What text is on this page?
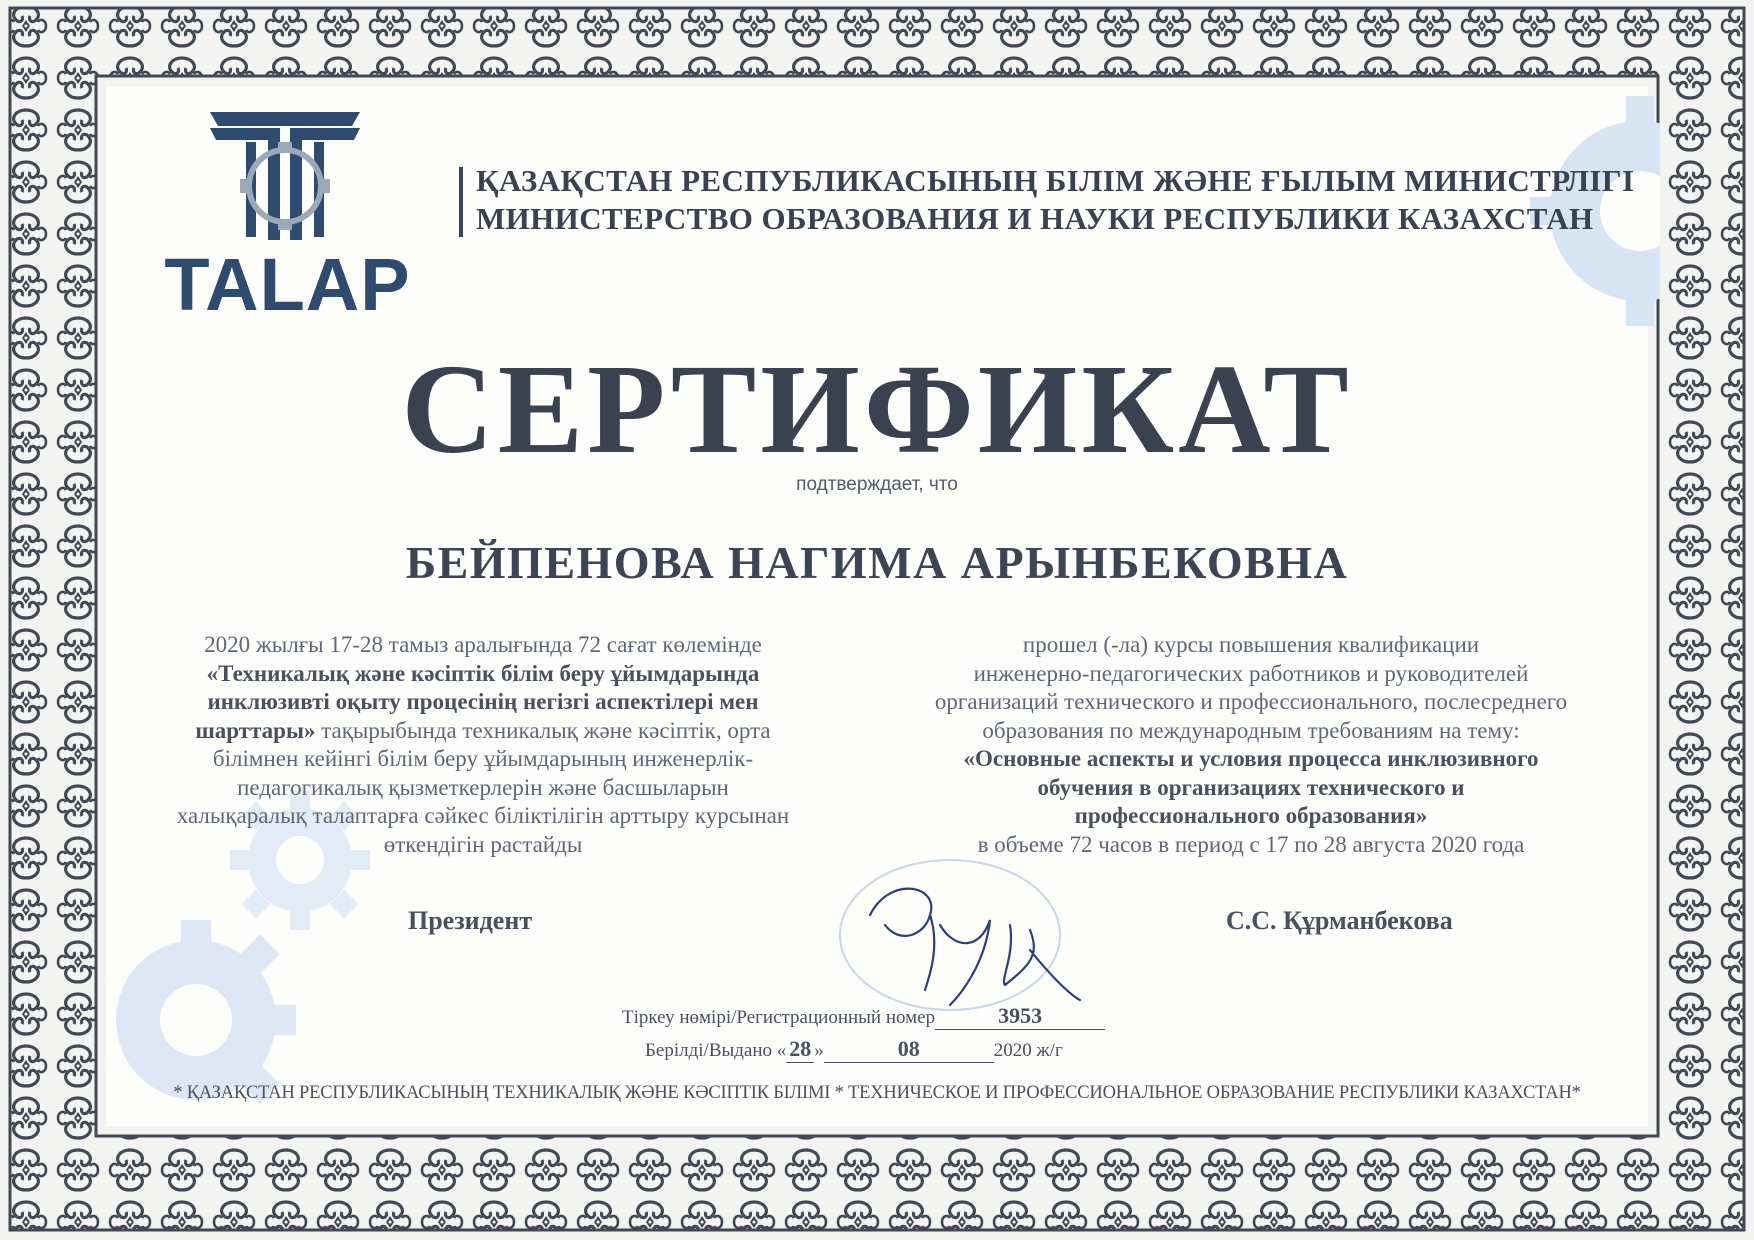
TALAP
ҚАЗАҚСТАН РЕСПУБЛИКАСЫНЫҢ БІЛІМ ЖӘНЕ ҒЫЛЫМ МИНИСТРЛІГІ
МИНИСТЕРСТВО ОБРАЗОВАНИЯ И НАУКИ РЕСПУБЛИКИ КАЗАХСТАН
СЕРТИФИКАТ
подтверждает, что
БЕЙПЕНОВА НАГИМА АРЫНБЕКОВНА
2020 жылғы 17-28 тамыз аралығында 72 сағат көлемінде
«Техникалық және кәсіптік білім беру ұйымдарында
инклюзивті оқыту процесінің негізгі аспектілері мен
шарттары» тақырыбында техникалық және кәсіптік, орта
білімнен кейінгі білім беру ұйымдарының инженерлік-
педагогикалық қызметкерлерін және басшыларын
халықаралық талаптарға сәйкес біліктілігін арттыру курсынан
өткендігін растайды
прошел (-ла) курсы повышения квалификации
инженерно-педагогических работников и руководителей
организаций технического и профессионального, послесреднего
образования по международным требованиям на тему:
«Основные аспекты и условия процесса инклюзивного
обучения в организациях технического и
профессионального образования»
в объеме 72 часов в период с 17 по 28 августа 2020 года
Президент	С.С. Құрманбекова
Тіркеу нөмірі/Регистрационный номер	3953
Берілді/Выдано « 28 »	08	2020 ж/г
* ҚАЗАҚСТАН РЕСПУБЛИКАСЫНЫҢ ТЕХНИКАЛЫҚ ЖӘНЕ КӘСІПТІК БІЛІМІ * ТЕХНИЧЕСКОЕ И ПРОФЕССИОНАЛЬНОЕ ОБРАЗОВАНИЕ РЕСПУБЛИКИ КАЗАХСТАН*
